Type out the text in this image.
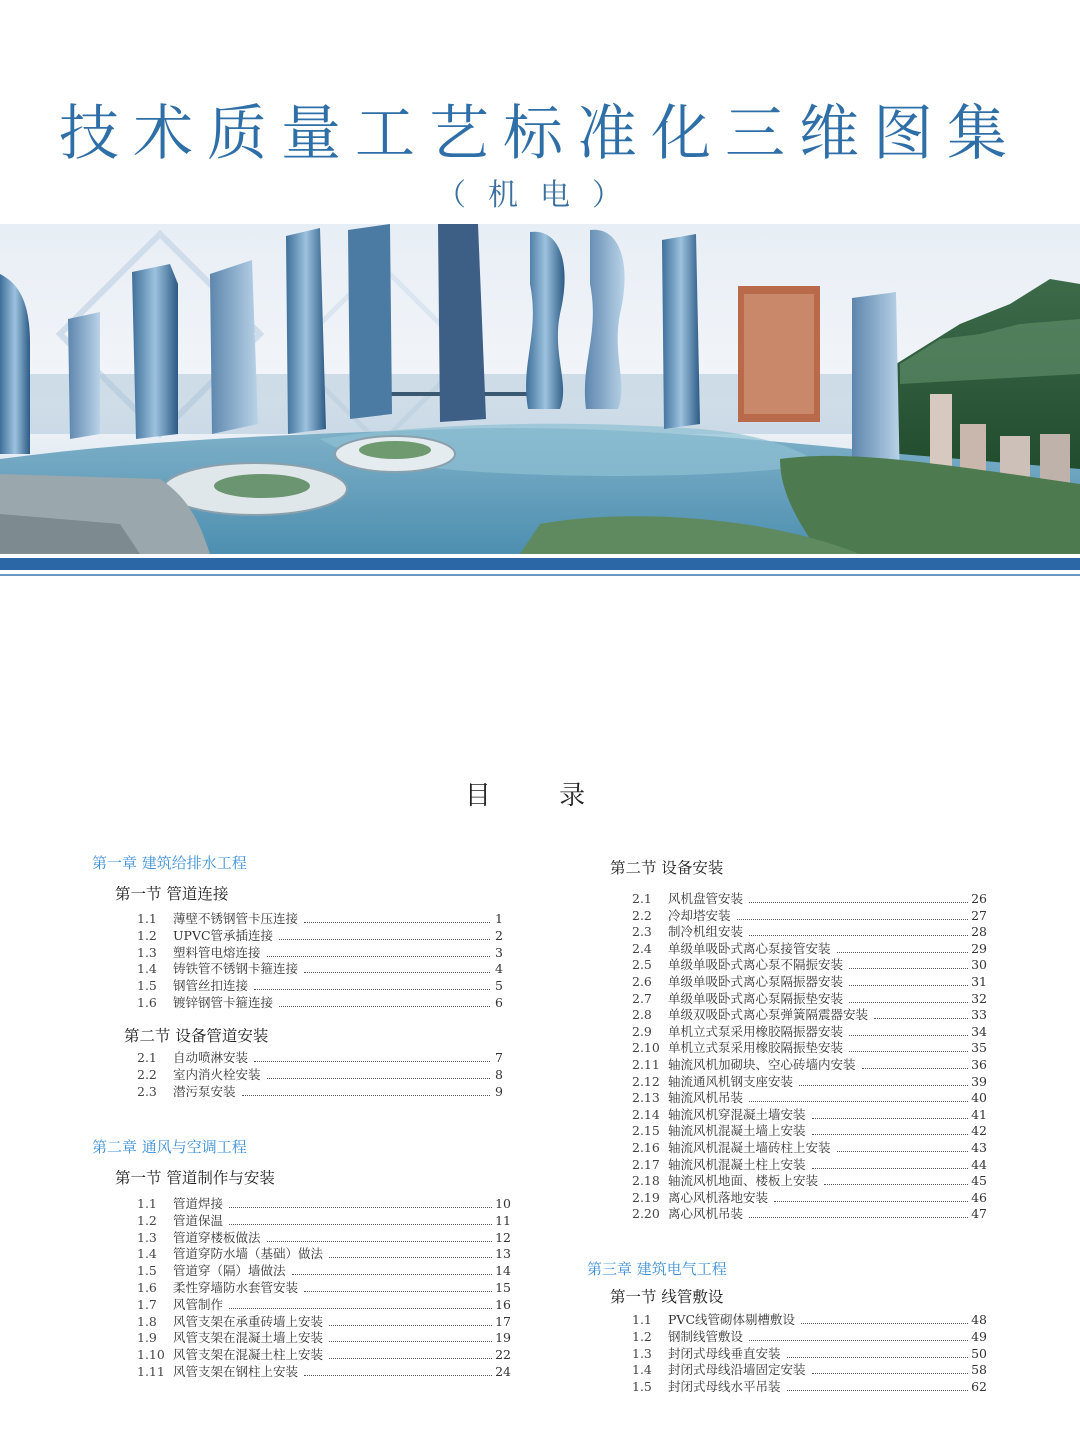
技术质量工艺标准化三维图集
（机电）
目 录
第一章 建筑给排水工程
第一节 管道连接
1.1	薄壁不锈钢管卡压连接	1
1.2	UPVC管承插连接	2
1.3	塑料管电熔连接	3
1.4	铸铁管不锈钢卡箍连接	4
1.5	钢管丝扣连接	5
1.6	镀锌钢管卡箍连接	6
第二节 设备管道安装
2.1	自动喷淋安装	7
2.2	室内消火栓安装	8
2.3	潜污泵安装	9
第二章 通风与空调工程
第一节 管道制作与安装
1.1	管道焊接	10
1.2	管道保温	11
1.3	管道穿楼板做法	12
1.4	管道穿防水墙（基础）做法	13
1.5	管道穿（隔）墙做法	14
1.6	柔性穿墙防水套管安装	15
1.7	风管制作	16
1.8	风管支架在承重砖墙上安装	17
1.9	风管支架在混凝土墙上安装	19
1.10 风管支架在混凝土柱上安装	22
1.11 风管支架在钢柱上安装	24
第二节 设备安装
2.1	风机盘管安装	26
2.2	冷却塔安装	27
2.3	制冷机组安装	28
2.4	单级单吸卧式离心泵接管安装	29
2.5	单级单吸卧式离心泵不隔振安装	30
2.6	单级单吸卧式离心泵隔振器安装	31
2.7	单级单吸卧式离心泵隔振垫安装	32
2.8	单级双吸卧式离心泵弹簧隔震器安装	33
2.9	单机立式泵采用橡胶隔振器安装	34
2.10 单机立式泵采用橡胶隔振垫安装	35
2.11 轴流风机加砌块、空心砖墙内安装	36
2.12 轴流通风机钢支座安装	39
2.13 轴流风机吊装	40
2.14 轴流风机穿混凝土墙安装	41
2.15 轴流风机混凝土墙上安装	42
2.16 轴流风机混凝土墙砖柱上安装	43
2.17 轴流风机混凝土柱上安装	44
2.18 轴流风机地面、楼板上安装	45
2.19 离心风机落地安装	46
2.20 离心风机吊装	47
第三章 建筑电气工程
第一节 线管敷设
1.1	PVC线管砌体剔槽敷设	48
1.2	钢制线管敷设	49
1.3	封闭式母线垂直安装	50
1.4	封闭式母线沿墙固定安装	58
1.5	封闭式母线水平吊装	62
